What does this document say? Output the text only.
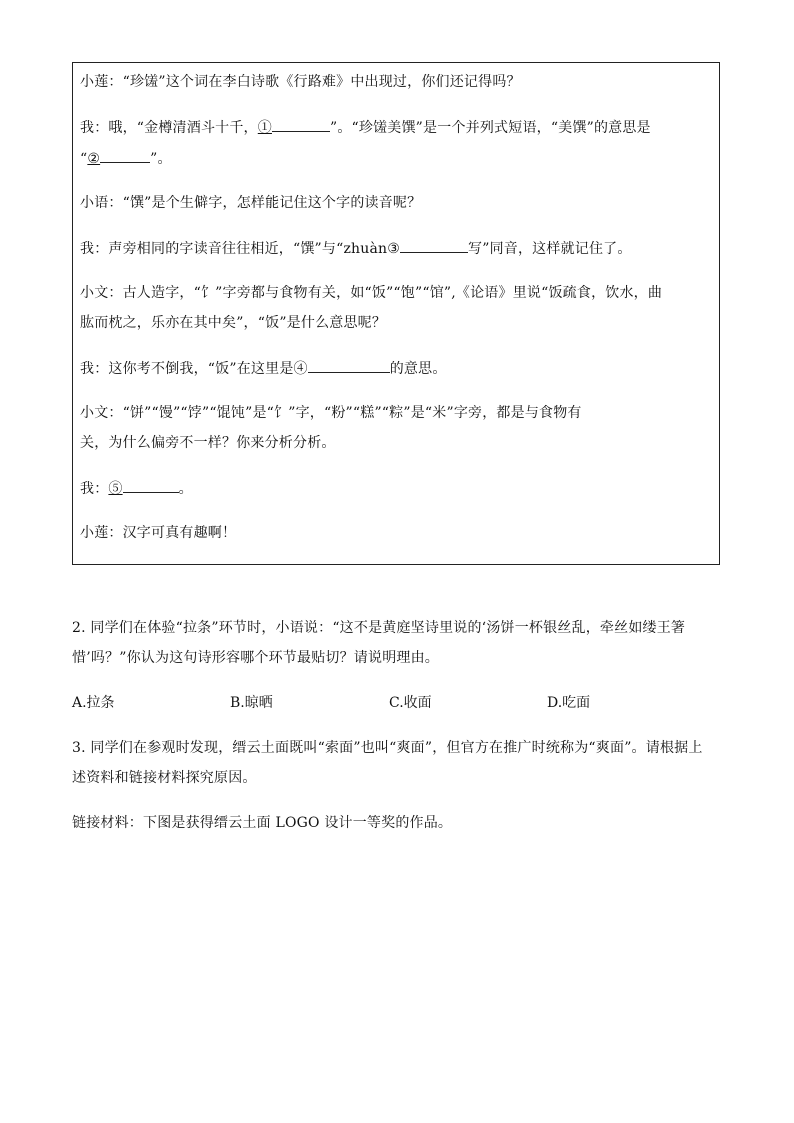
小莲：“珍馐”这个词在李白诗歌《行路难》中出现过，你们还记得吗？
我：哦，“金樽清酒斗十千，①	”。“珍馐美馔”是一个并列式短语，“美馔”的意思是
“②	”。
小语：“馔”是个生僻字，怎样能记住这个字的读音呢？
我：声旁相同的字读音往往相近，“馔”与“zhuàn③	写”同音，这样就记住了。
小文：古人造字，“饣”字旁都与食物有关，如“饭”“饱”“馆”,《论语》里说“饭疏食，饮水，曲
肱而枕之，乐亦在其中矣”，“饭”是什么意思呢？
我：这你考不倒我，“饭”在这里是④	的意思。
小文：“饼”“馒”“饽”“馄饨”是“饣”字，“粉”“糕”“粽”是“米”字旁，都是与食物有
关，为什么偏旁不一样？你来分析分析。
我：⑤	。
小莲：汉字可真有趣啊！
2. 同学们在体验“拉条”环节时，小语说：“这不是黄庭坚诗里说的‘汤饼一杯银丝乱，牵丝如缕王箸
惜’吗？”你认为这句诗形容哪个环节最贴切？请说明理由。
A.拉条	B.晾晒	C.收面	D.吃面
3. 同学们在参观时发现，缙云土面既叫“索面”也叫“爽面”，但官方在推广时统称为“爽面”。请根据上
述资料和链接材料探究原因。
链接材料：下图是获得缙云土面 LOGO 设计一等奖的作品。
